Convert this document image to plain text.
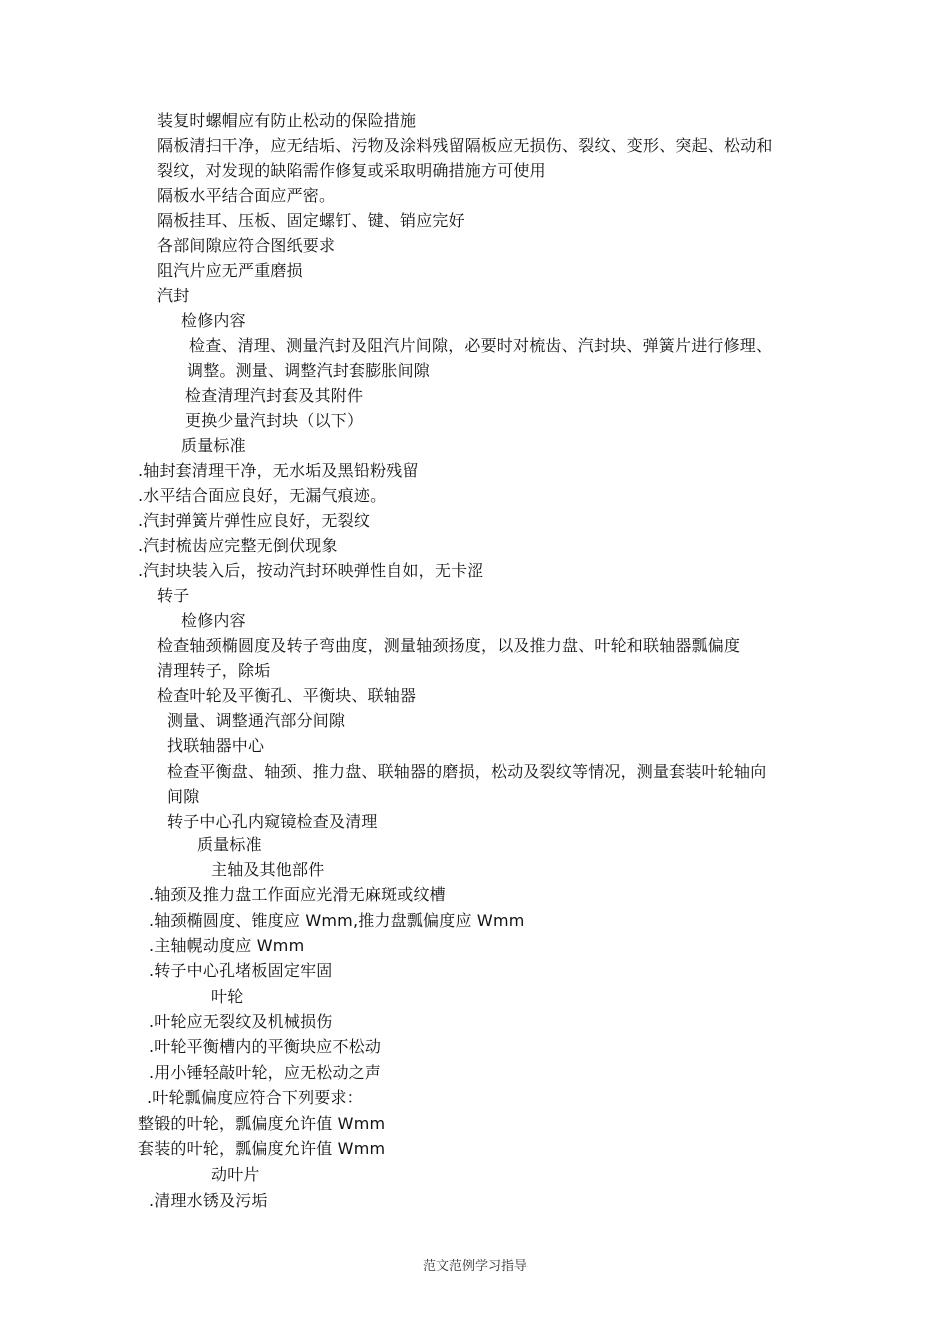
装复时螺帽应有防止松动的保险措施
隔板清扫干净，应无结垢、污物及涂料残留隔板应无损伤、裂纹、变形、突起、松动和
裂纹，对发现的缺陷需作修复或采取明确措施方可使用
隔板水平结合面应严密。
隔板挂耳、压板、固定螺钉、键、销应完好
各部间隙应符合图纸要求
阻汽片应无严重磨损
汽封
检修内容
检查、清理、测量汽封及阻汽片间隙，必要时对梳齿、汽封块、弹簧片进行修理、
调整。测量、调整汽封套膨胀间隙
检查清理汽封套及其附件
更换少量汽封块（以下）
质量标准
.轴封套清理干净，无水垢及黑铅粉残留
.水平结合面应良好，无漏气痕迹。
.汽封弹簧片弹性应良好，无裂纹
.汽封梳齿应完整无倒伏现象
.汽封块装入后，按动汽封环映弹性自如，无卡涩
转子
检修内容
检查轴颈椭圆度及转子弯曲度，测量轴颈扬度，以及推力盘、叶轮和联轴器瓢偏度
清理转子，除垢
检查叶轮及平衡孔、平衡块、联轴器
测量、调整通汽部分间隙
找联轴器中心
检查平衡盘、轴颈、推力盘、联轴器的磨损，松动及裂纹等情况，测量套装叶轮轴向
间隙
转子中心孔内窥镜检查及清理
质量标准
主轴及其他部件
.轴颈及推力盘工作面应光滑无麻斑或纹槽
.轴颈椭圆度、锥度应 Wmm,推力盘瓢偏度应 Wmm
.主轴幌动度应 Wmm
.转子中心孔堵板固定牢固
叶轮
.叶轮应无裂纹及机械损伤
.叶轮平衡槽内的平衡块应不松动
.用小锤轻敲叶轮，应无松动之声
.叶轮瓢偏度应符合下列要求：
整锻的叶轮，瓢偏度允许值 Wmm
套装的叶轮，瓢偏度允许值 Wmm
动叶片
.清理水锈及污垢
范文范例学习指导
